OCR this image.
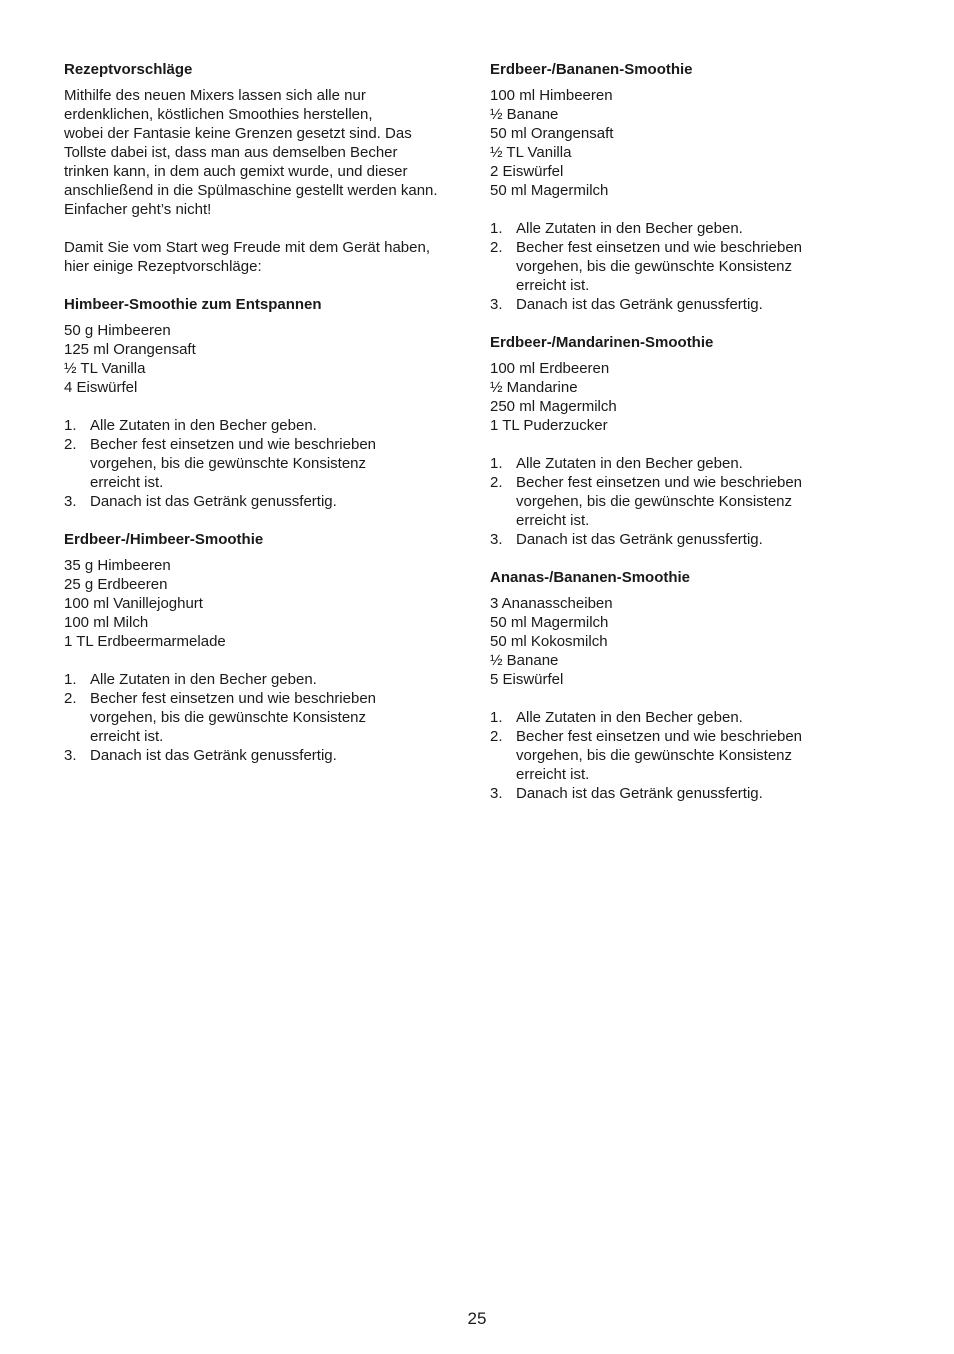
Rezeptvorschläge
Mithilfe des neuen Mixers lassen sich alle nur
erdenklichen, köstlichen Smoothies herstellen,
wobei der Fantasie keine Grenzen gesetzt sind. Das
Tollste dabei ist, dass man aus demselben Becher
trinken kann, in dem auch gemixt wurde, und dieser
anschließend in die Spülmaschine gestellt werden kann.
Einfacher geht’s nicht!
Damit Sie vom Start weg Freude mit dem Gerät haben,
hier einige Rezeptvorschläge:
Himbeer-Smoothie zum Entspannen
50 g Himbeeren
125 ml Orangensaft
½ TL Vanilla
4 Eiswürfel
1. Alle Zutaten in den Becher geben.
2. Becher fest einsetzen und wie beschrieben
vorgehen, bis die gewünschte Konsistenz
erreicht ist.
3. Danach ist das Getränk genussfertig.
Erdbeer-/Himbeer-Smoothie
35 g Himbeeren
25 g Erdbeeren
100 ml Vanillejoghurt
100 ml Milch
1 TL Erdbeermarmelade
1. Alle Zutaten in den Becher geben.
2. Becher fest einsetzen und wie beschrieben
vorgehen, bis die gewünschte Konsistenz
erreicht ist.
3. Danach ist das Getränk genussfertig.
Erdbeer-/Bananen-Smoothie
100 ml Himbeeren
½ Banane
50 ml Orangensaft
½ TL Vanilla
2 Eiswürfel
50 ml Magermilch
1. Alle Zutaten in den Becher geben.
2. Becher fest einsetzen und wie beschrieben
vorgehen, bis die gewünschte Konsistenz
erreicht ist.
3. Danach ist das Getränk genussfertig.
Erdbeer-/Mandarinen-Smoothie
100 ml Erdbeeren
½ Mandarine
250 ml Magermilch
1 TL Puderzucker
1. Alle Zutaten in den Becher geben.
2. Becher fest einsetzen und wie beschrieben
vorgehen, bis die gewünschte Konsistenz
erreicht ist.
3. Danach ist das Getränk genussfertig.
Ananas-/Bananen-Smoothie
3 Ananasscheiben
50 ml Magermilch
50 ml Kokosmilch
½ Banane
5 Eiswürfel
1. Alle Zutaten in den Becher geben.
2. Becher fest einsetzen und wie beschrieben
vorgehen, bis die gewünschte Konsistenz
erreicht ist.
3. Danach ist das Getränk genussfertig.
25
